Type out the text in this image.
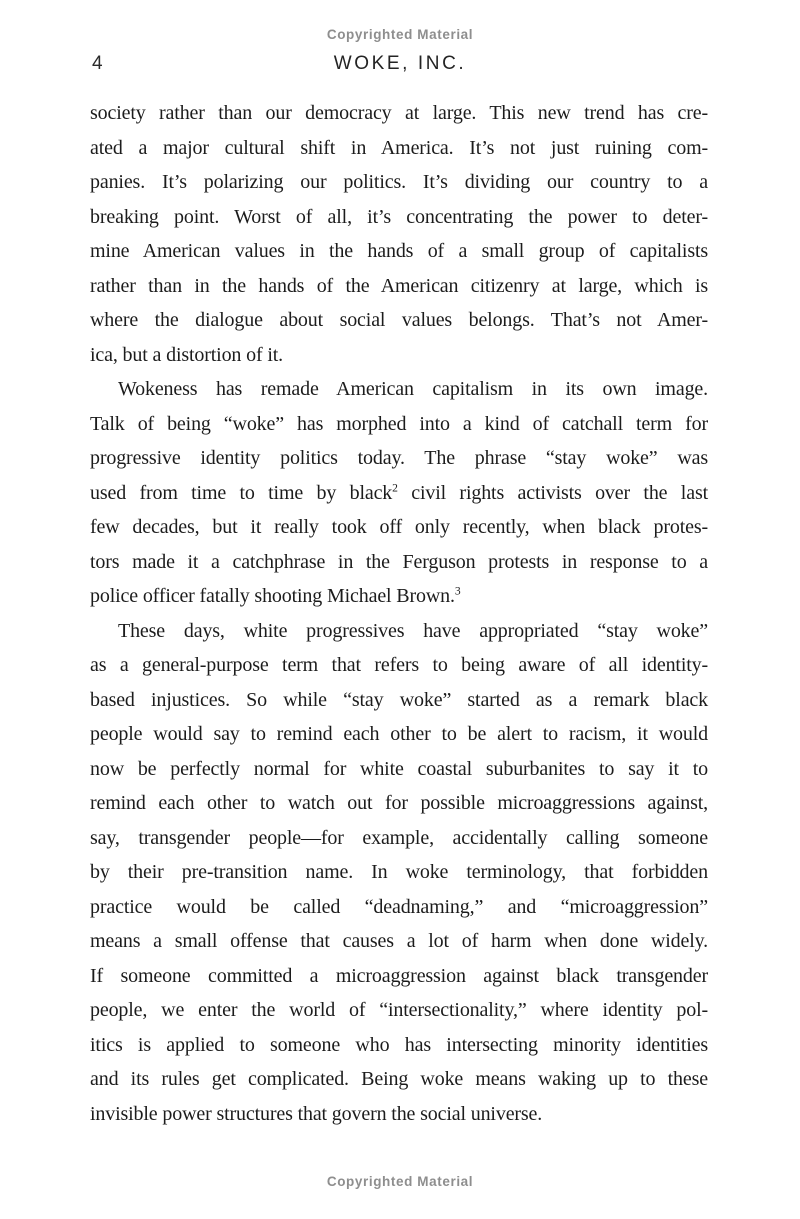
Copyrighted Material
4	WOKE, INC.
society rather than our democracy at large. This new trend has cre-
ated a major cultural shift in America. It’s not just ruining com-
panies. It’s polarizing our politics. It’s dividing our country to a
breaking point. Worst of all, it’s concentrating the power to deter-
mine American values in the hands of a small group of capitalists
rather than in the hands of the American citizenry at large, which is
where the dialogue about social values belongs. That’s not Amer-
ica, but a distortion of it.
Wokeness has remade American capitalism in its own image.
Talk of being “woke” has morphed into a kind of catchall term for
progressive identity politics today. The phrase “stay woke” was
used from time to time by black$^2$ civil rights activists over the last
few decades, but it really took off only recently, when black protes-
tors made it a catchphrase in the Ferguson protests in response to a
police officer fatally shooting Michael Brown.$^3$
These days, white progressives have appropriated “stay woke”
as a general-purpose term that refers to being aware of all identity-
based injustices. So while “stay woke” started as a remark black
people would say to remind each other to be alert to racism, it would
now be perfectly normal for white coastal suburbanites to say it to
remind each other to watch out for possible microaggressions against,
say, transgender people—for example, accidentally calling someone
by their pre-transition name. In woke terminology, that forbidden
practice would be called “deadnaming,” and “microaggression”
means a small offense that causes a lot of harm when done widely.
If someone committed a microaggression against black transgender
people, we enter the world of “intersectionality,” where identity pol-
itics is applied to someone who has intersecting minority identities
and its rules get complicated. Being woke means waking up to these
invisible power structures that govern the social universe.
Copyrighted Material
